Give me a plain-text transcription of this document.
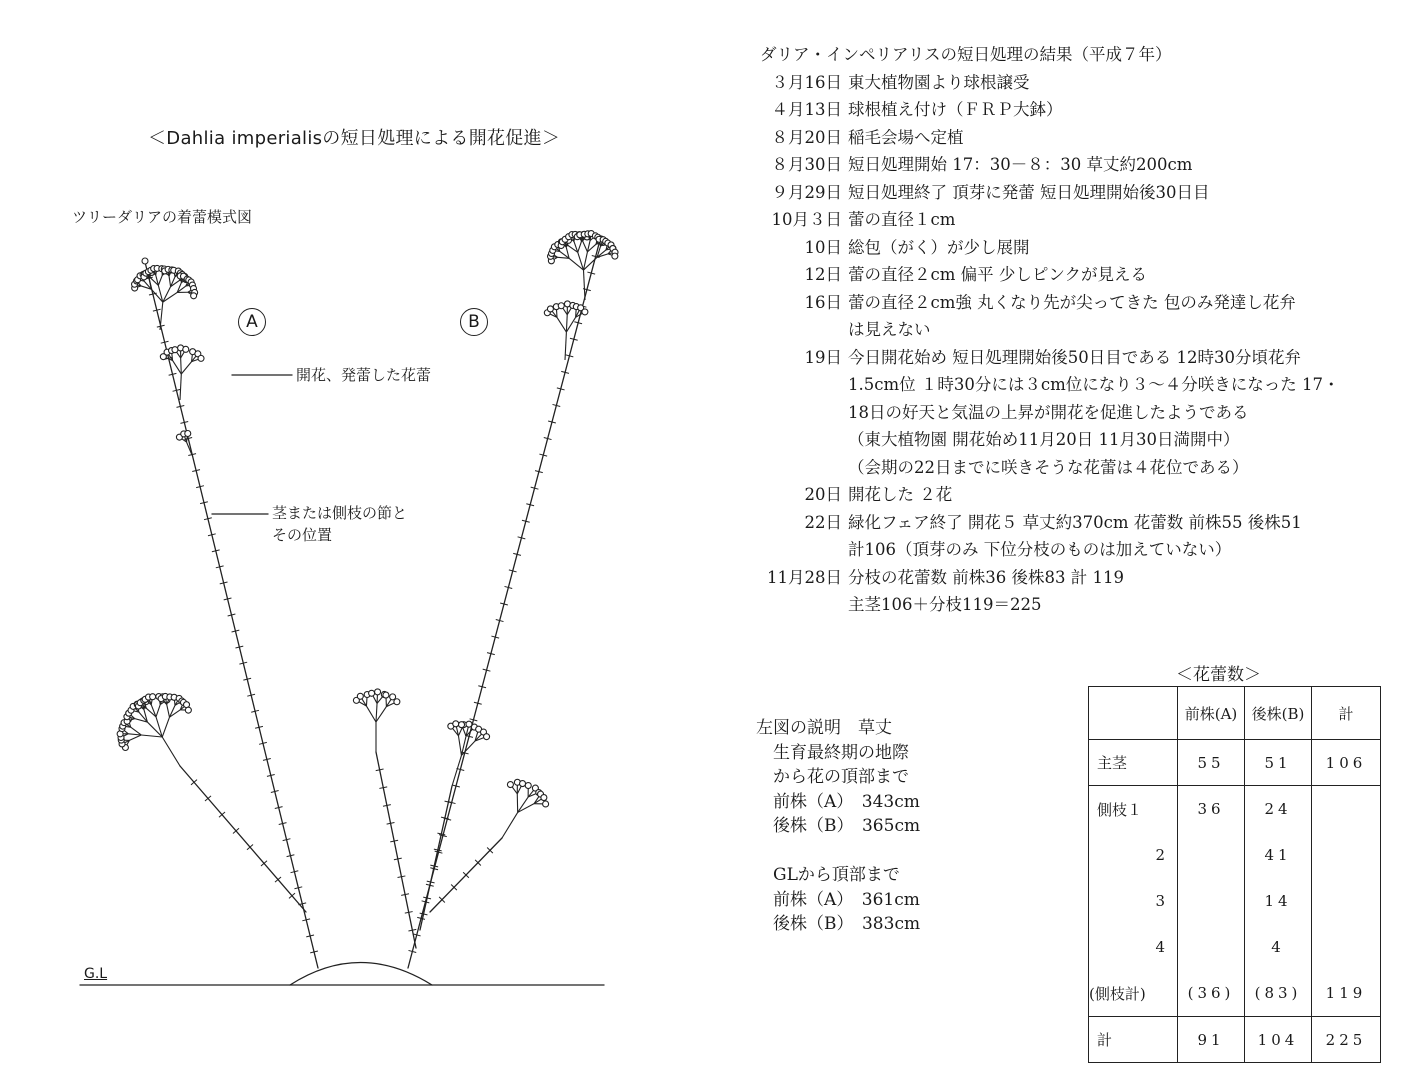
＜Dahlia imperialisの短日処理による開花促進＞
ツリーダリアの着蕾模式図
A	B
開花、発蕾した花蕾
茎または側枝の節と
その位置
G.L
ダリア・インペリアリスの短日処理の結果（平成７年）
３月16日 東大植物園より球根譲受
４月13日 球根植え付け（ＦＲＰ大鉢）
８月20日 稲毛会場へ定植
８月30日 短日処理開始 17：30－８：30 草丈約200cm
９月29日 短日処理終了 頂芽に発蕾 短日処理開始後30日目
10月３日 蕾の直径１cm
10日 総包（がく）が少し展開
12日 蕾の直径２cm 偏平 少しピンクが見える
16日 蕾の直径２cm強 丸くなり先が尖ってきた 包のみ発達し花弁
は見えない
19日 今日開花始め 短日処理開始後50日目である 12時30分頃花弁
1.5cm位 １時30分には３cm位になり３～４分咲きになった 17・
18日の好天と気温の上昇が開花を促進したようである
（東大植物園 開花始め11月20日 11月30日満開中）
（会期の22日までに咲きそうな花蕾は４花位である）
20日 開花した ２花
22日 緑化フェア終了 開花５ 草丈約370cm 花蕾数 前株55 後株51
計106（頂芽のみ 下位分枝のものは加えていない）
11月28日 分枝の花蕾数 前株36 後株83 計 119
主茎106＋分枝119＝225
左図の説明　草丈
　生育最終期の地際
　から花の頂部まで
　前株（A）　343cm
　後株（B）　365cm
　GLから頂部まで
　前株（A）　361cm
　後株（B）　383cm
＜花蕾数＞
	前株(A)	後株(B)	計
主茎	55	51	106
側枝１	36	24	
2		41	
3		14	
4		4	
(側枝計)	(36)	(83)	119
計	91	104	225
